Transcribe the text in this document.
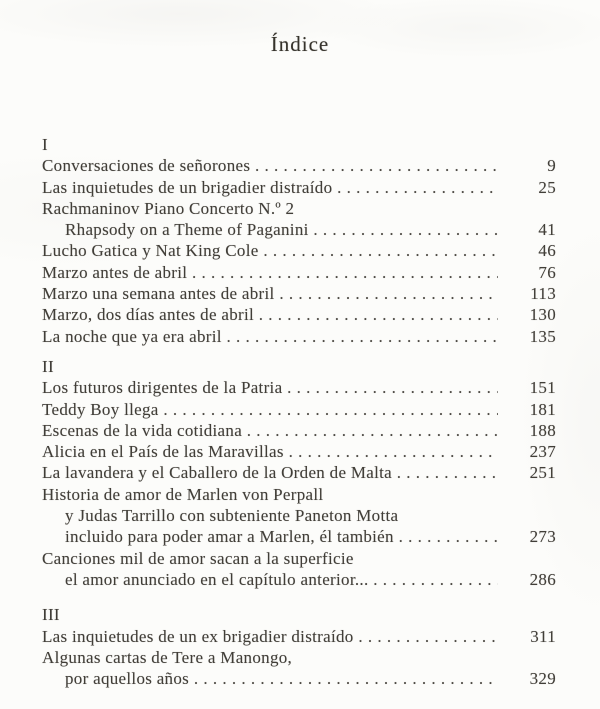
Índice
I
Conversaciones de señorones . . .	9
Las inquietudes de un brigadier distraído . . .	25
Rachmaninov Piano Concerto N.º 2
Rhapsody on a Theme of Paganini . . .	41
Lucho Gatica y Nat King Cole . . .	46
Marzo antes de abril . . .	76
Marzo una semana antes de abril . . .	113
Marzo, dos días antes de abril . . .	130
La noche que ya era abril . . .	135
II
Los futuros dirigentes de la Patria . . .	151
Teddy Boy llega . . .	181
Escenas de la vida cotidiana . . .	188
Alicia en el País de las Maravillas . . .	237
La lavandera y el Caballero de la Orden de Malta . . .	251
Historia de amor de Marlen von Perpall
y Judas Tarrillo con subteniente Paneton Motta
incluido para poder amar a Marlen, él también . . .	273
Canciones mil de amor sacan a la superficie
el amor anunciado en el capítulo anterior... . . .	286
III
Las inquietudes de un ex brigadier distraído . . .	311
Algunas cartas de Tere a Manongo,
por aquellos años . . .	329
